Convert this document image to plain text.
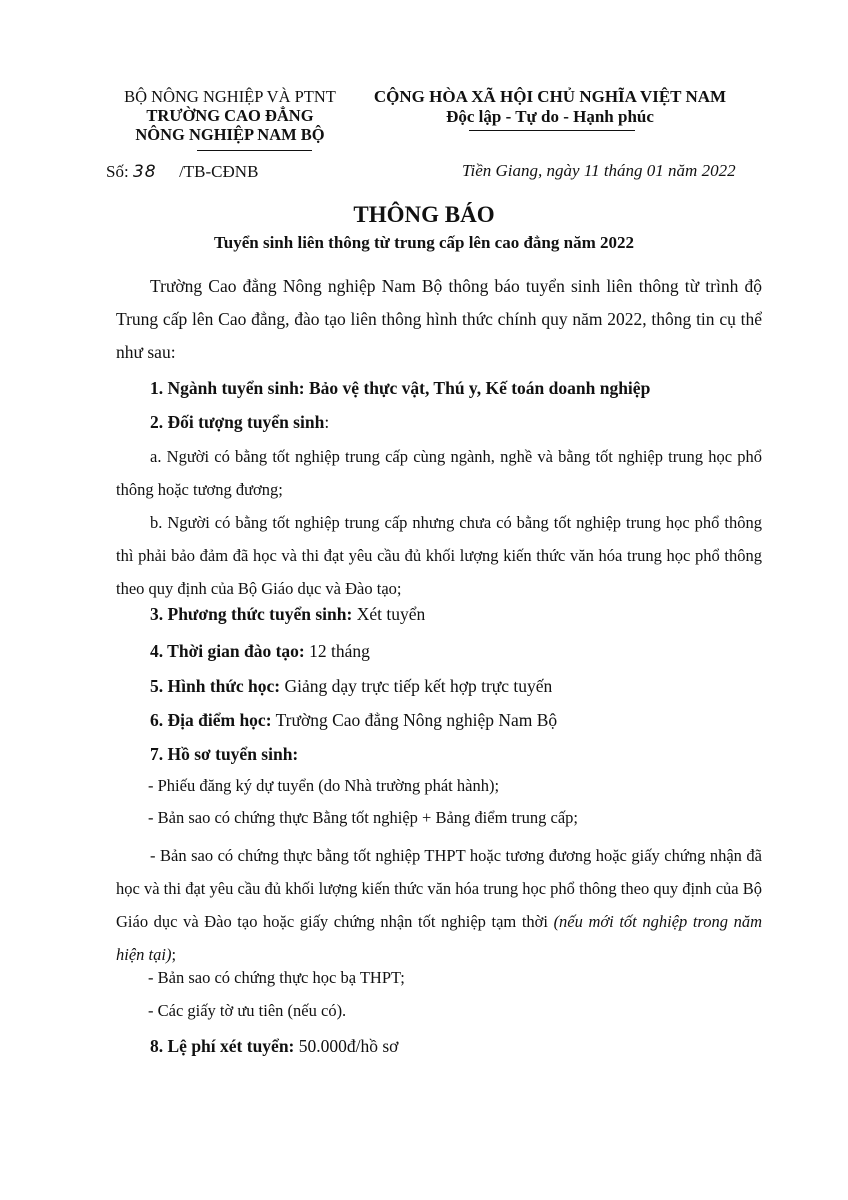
BỘ NÔNG NGHIỆP VÀ PTNT
TRƯỜNG CAO ĐẲNG
NÔNG NGHIỆP NAM BỘ
Số: 38 /TB-CĐNB
CỘNG HÒA XÃ HỘI CHỦ NGHĨA VIỆT NAM
Độc lập - Tự do - Hạnh phúc
Tiền Giang, ngày 11 tháng 01 năm 2022
THÔNG BÁO
Tuyển sinh liên thông từ trung cấp lên cao đẳng năm 2022
Trường Cao đẳng Nông nghiệp Nam Bộ thông báo tuyển sinh liên thông từ trình độ Trung cấp lên Cao đẳng, đào tạo liên thông hình thức chính quy năm 2022, thông tin cụ thể như sau:
1. Ngành tuyển sinh: Bảo vệ thực vật, Thú y, Kế toán doanh nghiệp
2. Đối tượng tuyển sinh:
a. Người có bằng tốt nghiệp trung cấp cùng ngành, nghề và bằng tốt nghiệp trung học phổ thông hoặc tương đương;
b. Người có bằng tốt nghiệp trung cấp nhưng chưa có bằng tốt nghiệp trung học phổ thông thì phải bảo đảm đã học và thi đạt yêu cầu đủ khối lượng kiến thức văn hóa trung học phổ thông theo quy định của Bộ Giáo dục và Đào tạo;
3. Phương thức tuyển sinh: Xét tuyển
4. Thời gian đào tạo: 12 tháng
5. Hình thức học: Giảng dạy trực tiếp kết hợp trực tuyến
6. Địa điểm học: Trường Cao đẳng Nông nghiệp Nam Bộ
7. Hồ sơ tuyển sinh:
- Phiếu đăng ký dự tuyển (do Nhà trường phát hành);
- Bản sao có chứng thực Bằng tốt nghiệp + Bảng điểm trung cấp;
- Bản sao có chứng thực bằng tốt nghiệp THPT hoặc tương đương hoặc giấy chứng nhận đã học và thi đạt yêu cầu đủ khối lượng kiến thức văn hóa trung học phổ thông theo quy định của Bộ Giáo dục và Đào tạo hoặc giấy chứng nhận tốt nghiệp tạm thời (nếu mới tốt nghiệp trong năm hiện tại);
- Bản sao có chứng thực học bạ THPT;
- Các giấy tờ ưu tiên (nếu có).
8. Lệ phí xét tuyển: 50.000đ/hồ sơ
